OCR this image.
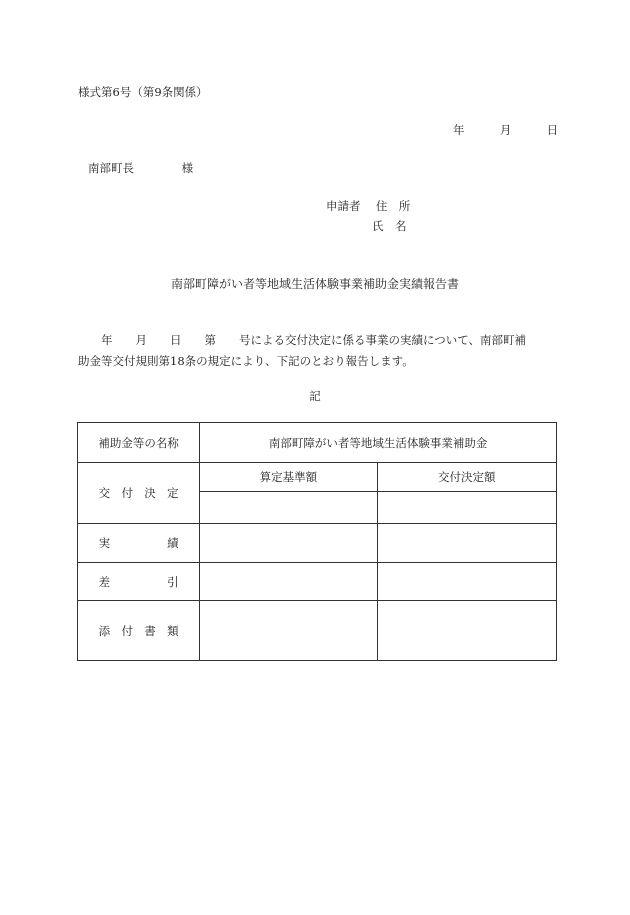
様式第6号（第9条関係）
年	月	日
南部町長	様
申請者 住　所
氏　名
南部町障がい者等地域生活体験事業補助金実績報告書
　　年　　月　　日　　第　　号による交付決定に係る事業の実績について、南部町補
助金等交付規則第18条の規定により、下記のとおり報告します。
記
補助金等の名称	南部町障がい者等地域生活体験事業補助金	

交 付 決 定	算定基準額	交付決定額

実 績		

差 引		

添 付 書 類		
